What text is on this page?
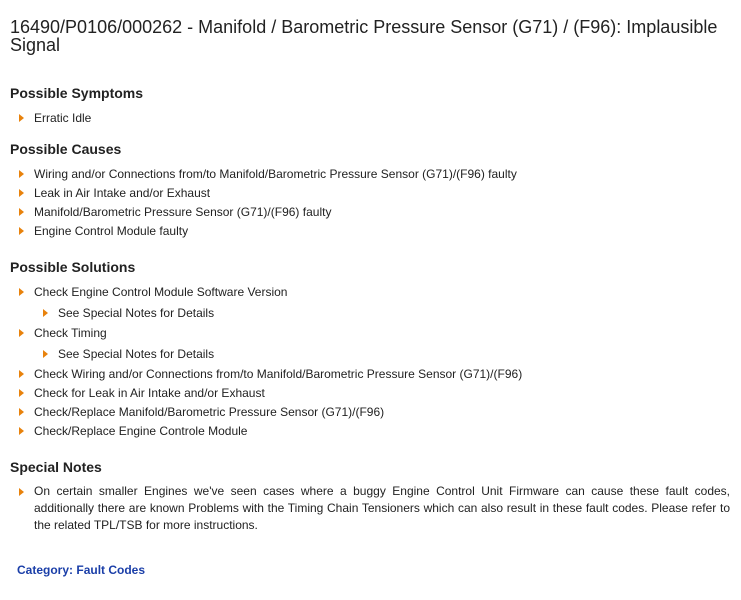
16490/P0106/000262 - Manifold / Barometric Pressure Sensor (G71) / (F96): Implausible Signal
Possible Symptoms
Erratic Idle
Possible Causes
Wiring and/or Connections from/to Manifold/Barometric Pressure Sensor (G71)/(F96) faulty
Leak in Air Intake and/or Exhaust
Manifold/Barometric Pressure Sensor (G71)/(F96) faulty
Engine Control Module faulty
Possible Solutions
Check Engine Control Module Software Version
See Special Notes for Details
Check Timing
See Special Notes for Details
Check Wiring and/or Connections from/to Manifold/Barometric Pressure Sensor (G71)/(F96)
Check for Leak in Air Intake and/or Exhaust
Check/Replace Manifold/Barometric Pressure Sensor (G71)/(F96)
Check/Replace Engine Controle Module
Special Notes
On certain smaller Engines we've seen cases where a buggy Engine Control Unit Firmware can cause these fault codes, additionally there are known Problems with the Timing Chain Tensioners which can also result in these fault codes. Please refer to the related TPL/TSB for more instructions.
Category: Fault Codes
